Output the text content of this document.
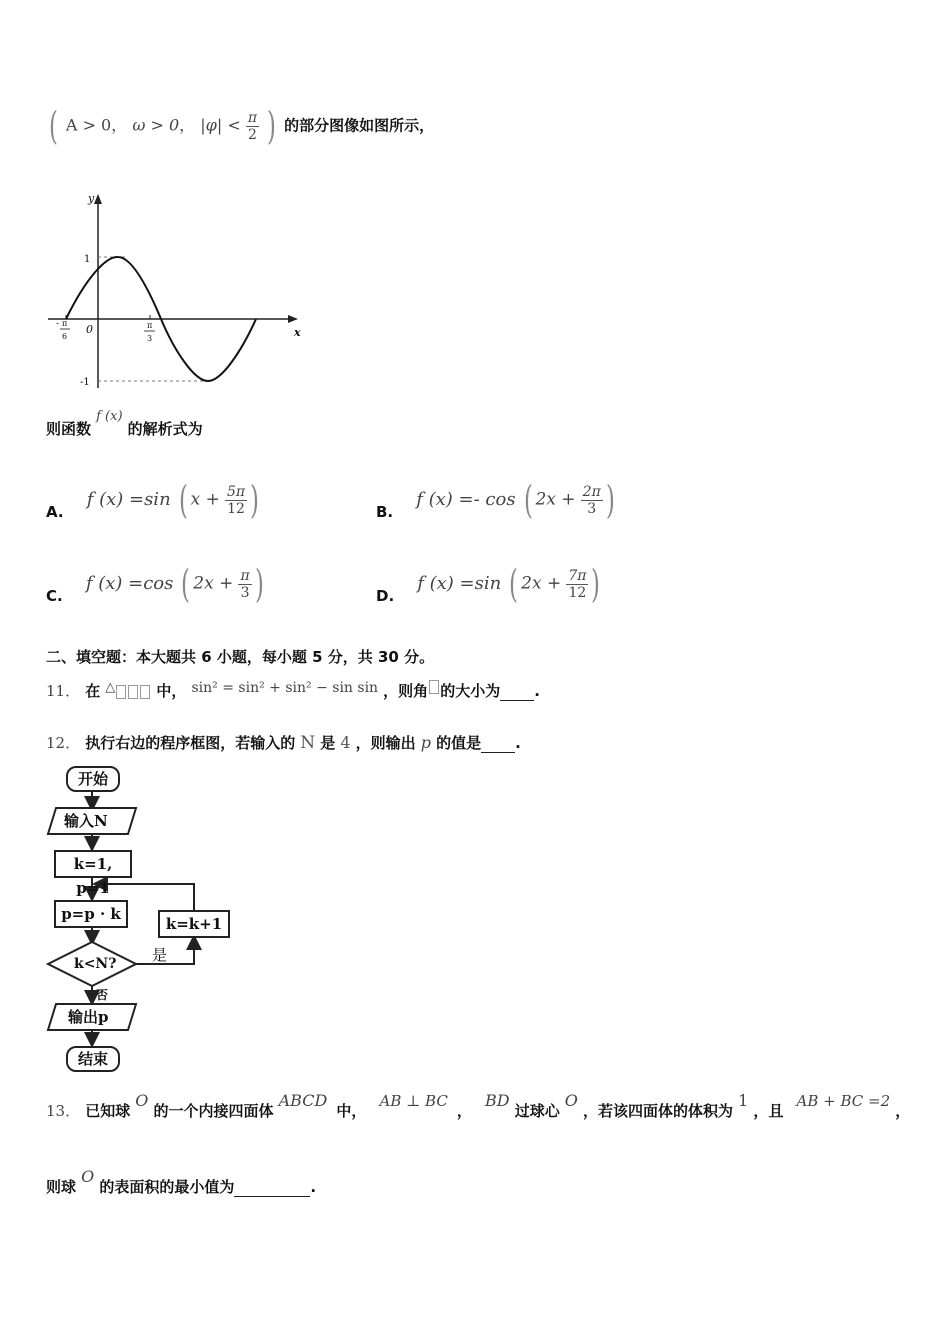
( A > 0， ω > 0， $|\varphi| < \frac{\pi}{2}$ ) 的部分图像如图所示，
y
x
0
1
-1
- π
6
π
3
则函数 $^{f (x)}$ 的解析式为
A. f (x) =sin ( $x + \frac{5\pi}{12}$ )	B. f (x) =- cos ( $2x + \frac{2\pi}{3}$ )
C. f (x) =cos ( $2x + \frac{\pi}{3}$ )	D. f (x) =sin ( $2x + \frac{7\pi}{12}$ )
二、填空题：本大题共 6 小题，每小题 5 分，共 30 分。
11． 在 △	中， sin² = sin² + sin² − sin sin ，则角 的大小为 .
12． 执行右边的程序框图，若输入的 N 是 4 ，则输出 p 的值是 .
开始
输入N
k=1, p=1
p=p · k
k=k+1
k<N? 是
否
输出p
结束
13． 已知球 O 的一个内接四面体 ABCD 中， AB ⊥ BC ， BD 过球心 O ，若该四面体的体积为 1 ，且 AB + BC =2 ，
则球 O 的表面积的最小值为	.
